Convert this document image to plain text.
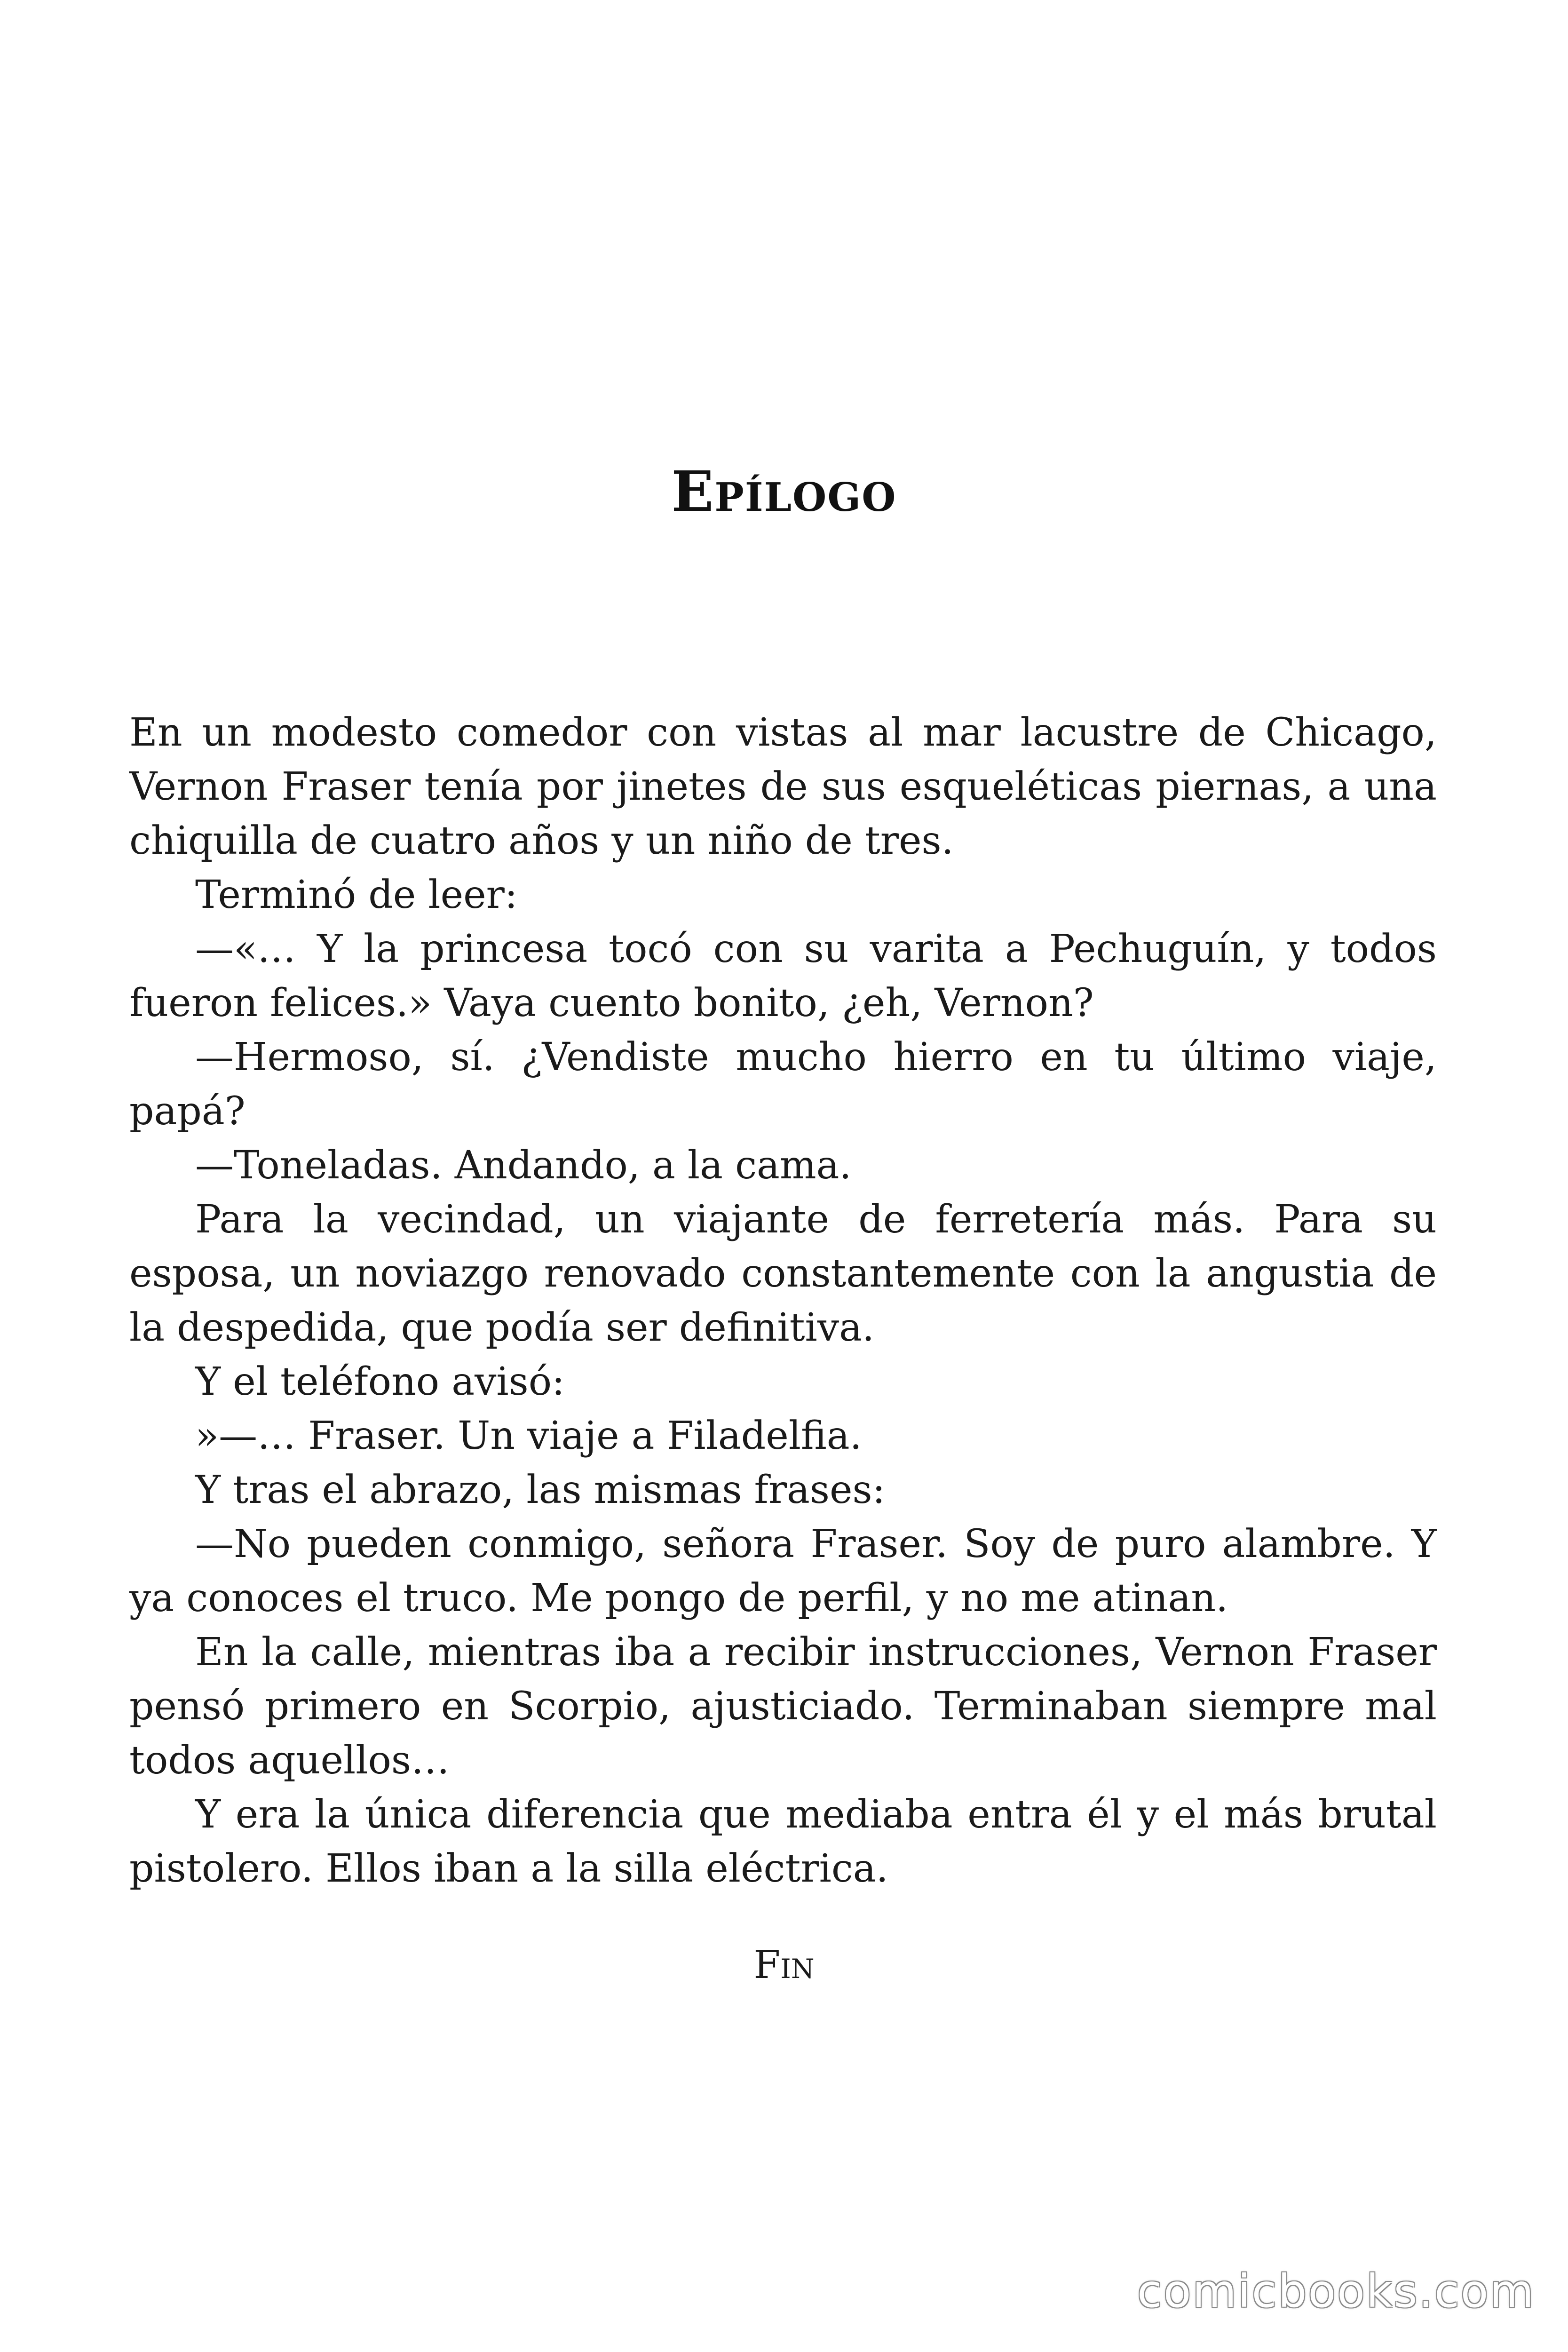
Epílogo

En un modesto comedor con vistas al mar lacustre de Chicago, Vernon Fraser tenía por jinetes de sus esqueléticas piernas, a una chiquilla de cuatro años y un niño de tres.

Terminó de leer:

—«… Y la princesa tocó con su varita a Pechuguín, y todos fueron felices.» Vaya cuento bonito, ¿eh, Vernon?

—Hermoso, sí. ¿Vendiste mucho hierro en tu último viaje, papá?

—Toneladas. Andando, a la cama.

Para la vecindad, un viajante de ferretería más. Para su esposa, un noviazgo renovado constantemente con la angustia de la despedida, que podía ser definitiva.

Y el teléfono avisó:

»—… Fraser. Un viaje a Filadelfia.

Y tras el abrazo, las mismas frases:

—No pueden conmigo, señora Fraser. Soy de puro alambre. Y ya conoces el truco. Me pongo de perfil, y no me atinan.

En la calle, mientras iba a recibir instrucciones, Vernon Fraser pensó primero en Scorpio, ajusticiado. Terminaban siempre mal todos aquellos…

Y era la única diferencia que mediaba entra él y el más brutal pistolero. Ellos iban a la silla eléctrica.

Fin
comicbooks.com
